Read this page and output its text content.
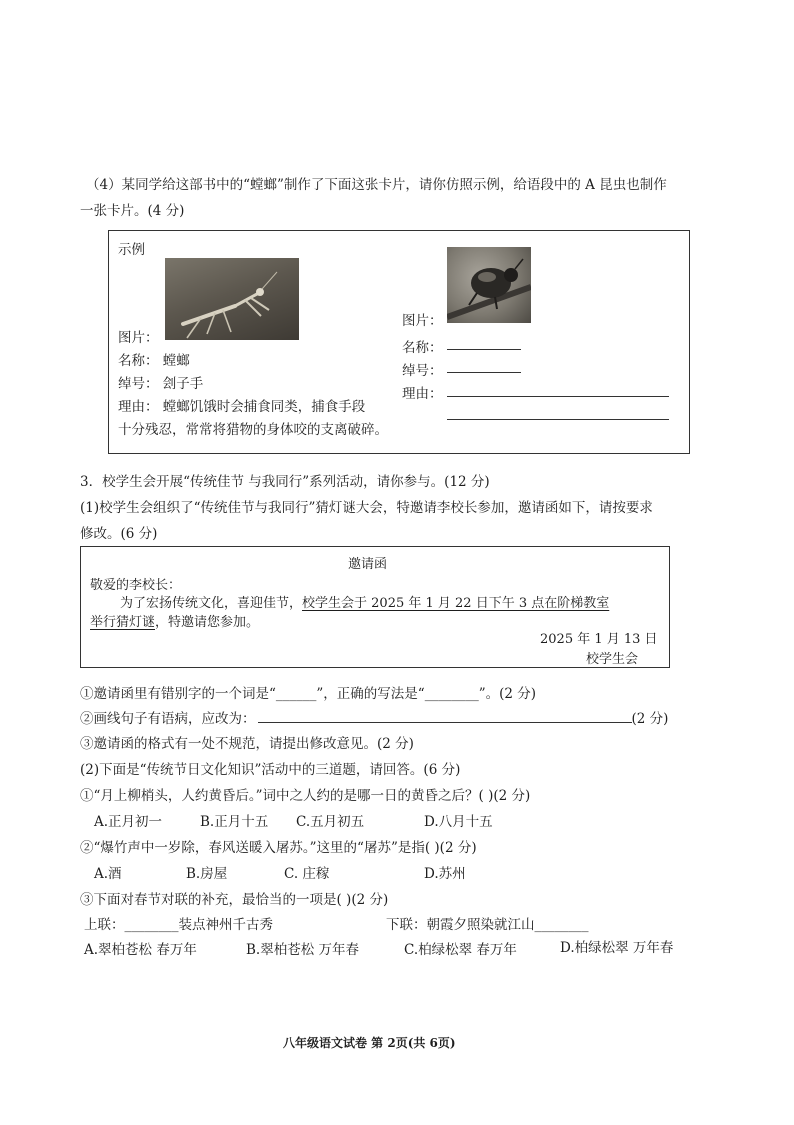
（4）某同学给这部书中的“螳螂”制作了下面这张卡片，请你仿照示例，给语段中的 A 昆虫也制作
一张卡片。(4 分)
示例
图片：
名称： 螳螂
绰号： 刽子手
理由： 螳螂饥饿时会捕食同类，捕食手段
十分残忍，常常将猎物的身体咬的支离破碎。
图片：
名称：
绰号：
理由：
3．校学生会开展“传统佳节 与我同行”系列活动，请你参与。(12 分)
(1)校学生会组织了“传统佳节与我同行”猜灯谜大会，特邀请李校长参加，邀请函如下，请按要求
修改。(6 分)
邀请函
敬爱的李校长：
为了宏扬传统文化，喜迎佳节，校学生会于 2025 年 1 月 22 日下午 3 点在阶梯教室
举行猜灯谜，特邀请您参加。
2025 年 1 月 13 日
校学生会
①邀请函里有错别字的一个词是“______”，正确的写法是“________”。(2 分)
②画线句子有语病，应改为：	(2 分)
③邀请函的格式有一处不规范，请提出修改意见。(2 分)
(2)下面是“传统节日文化知识”活动中的三道题，请回答。(6 分)
①“月上柳梢头，人约黄昏后。”词中之人约的是哪一日的黄昏之后？( )(2 分)
A.正月初一	B.正月十五 C.五月初五	D.八月十五
②“爆竹声中一岁除，春风送暖入屠苏。”这里的“屠苏”是指( )(2 分)
A.酒	B.房屋	C. 庄稼	D.苏州
③下面对春节对联的补充，最恰当的一项是( )(2 分)
上联：________装点神州千古秀	下联：朝霞夕照染就江山________
A.翠柏苍松 春万年	B.翠柏苍松 万年春	C.柏绿松翠 春万年	D.柏绿松翠 万年春
八年级语文试卷 第 2页(共 6页)
